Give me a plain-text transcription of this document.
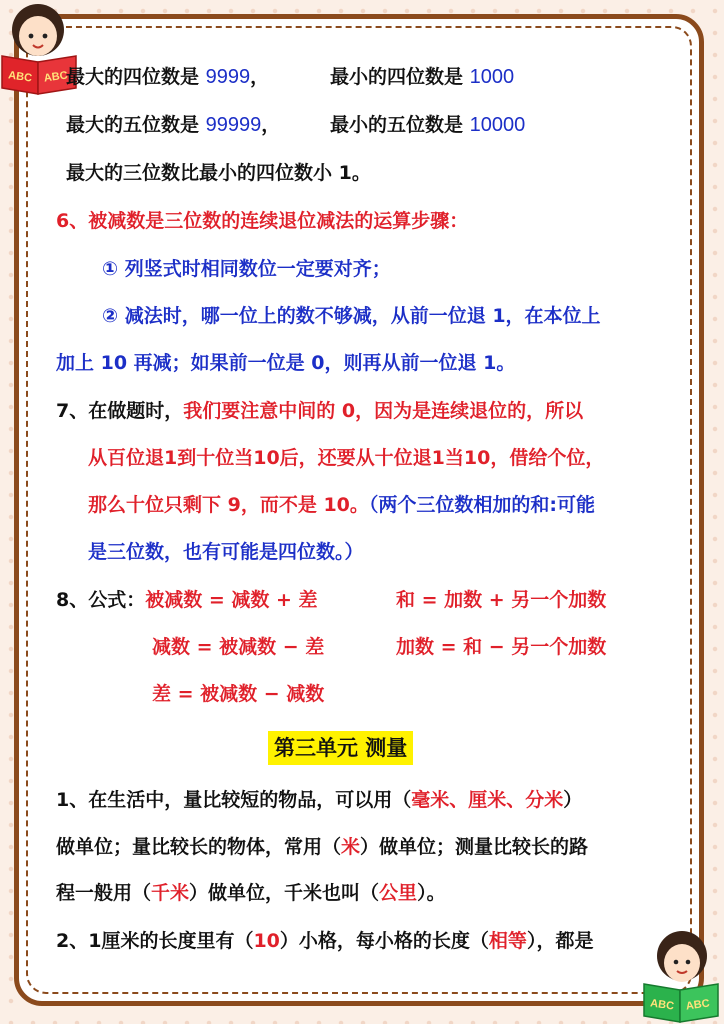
ABC ABC
ABC ABC
最大的四位数是 9999，	最小的四位数是 1000
最大的五位数是 99999，	最小的五位数是 10000
最大的三位数比最小的四位数小 1。
6、被减数是三位数的连续退位减法的运算步骤：
① 列竖式时相同数位一定要对齐；
② 减法时，哪一位上的数不够减，从前一位退 1，在本位上
加上 10 再减；如果前一位是 0，则再从前一位退 1。
7、在做题时，我们要注意中间的 0，因为是连续退位的，所以
从百位退1到十位当10后，还要从十位退1当10，借给个位，
那么十位只剩下 9，而不是 10。（两个三位数相加的和:可能
是三位数，也有可能是四位数。）
8、公式：被减数 = 减数 + 差	和 = 加数 + 另一个加数
减数 = 被减数 − 差	加数 = 和 − 另一个加数
差 = 被减数 − 减数
第三单元 测量
1、在生活中，量比较短的物品，可以用（毫米、厘米、分米）
做单位；量比较长的物体，常用（米）做单位；测量比较长的路
程一般用（千米）做单位，千米也叫（公里）。
2、1厘米的长度里有（10）小格，每小格的长度（相等），都是
